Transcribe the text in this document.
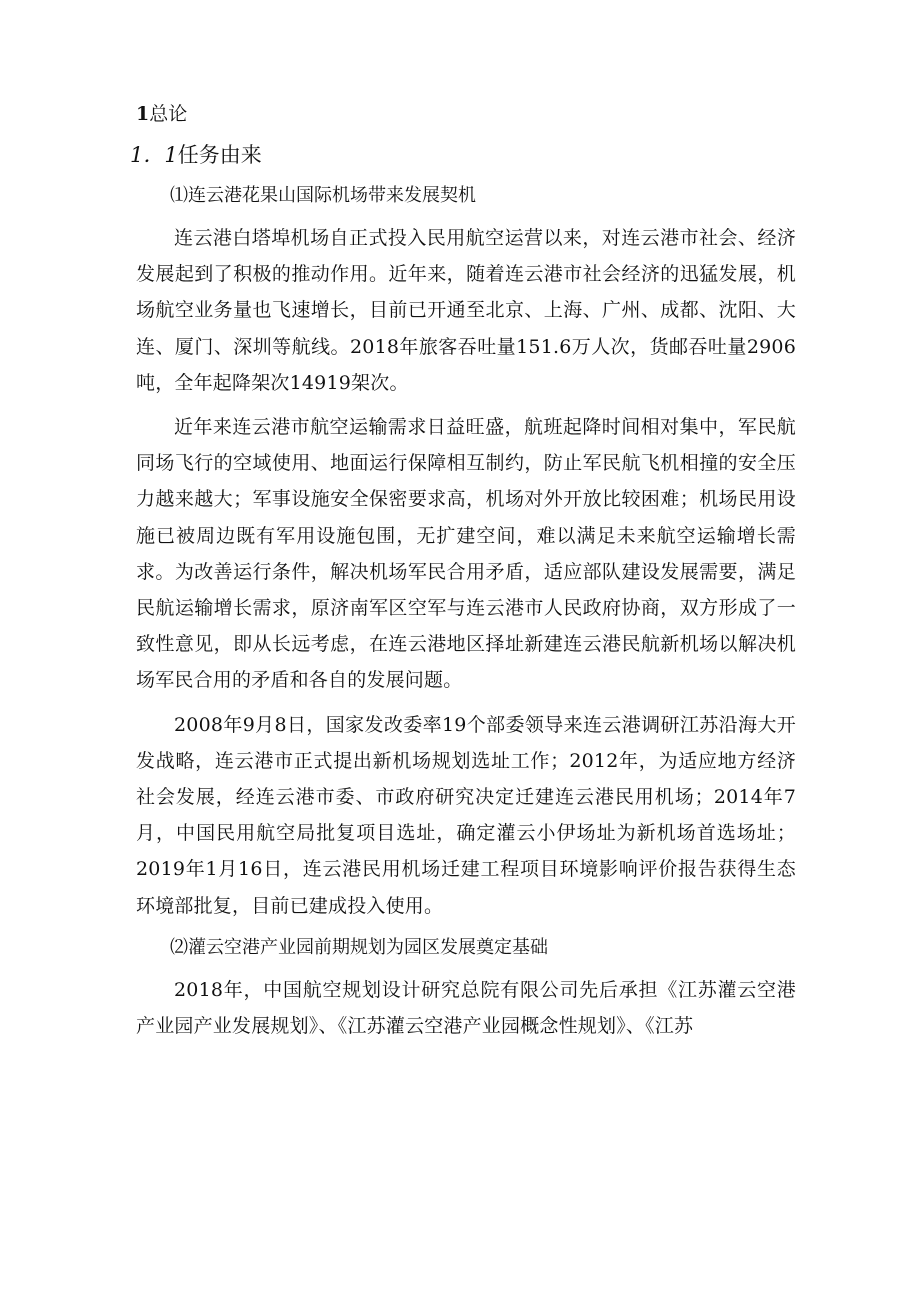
1总论
1．1任务由来
⑴连云港花果山国际机场带来发展契机

连云港白塔埠机场自正式投入民用航空运营以来，对连云港市社会、经济发展起到了积极的推动作用。近年来，随着连云港市社会经济的迅猛发展，机场航空业务量也飞速增长，目前已开通至北京、上海、广州、成都、沈阳、大连、厦门、深圳等航线。2018年旅客吞吐量151.6万人次，货邮吞吐量2906吨，全年起降架次14919架次。

近年来连云港市航空运输需求日益旺盛，航班起降时间相对集中，军民航同场飞行的空域使用、地面运行保障相互制约，防止军民航飞机相撞的安全压力越来越大；军事设施安全保密要求高，机场对外开放比较困难；机场民用设施已被周边既有军用设施包围，无扩建空间，难以满足未来航空运输增长需求。为改善运行条件，解决机场军民合用矛盾，适应部队建设发展需要，满足民航运输增长需求，原济南军区空军与连云港市人民政府协商，双方形成了一致性意见，即从长远考虑，在连云港地区择址新建连云港民航新机场以解决机场军民合用的矛盾和各自的发展问题。

2008年9月8日，国家发改委率19个部委领导来连云港调研江苏沿海大开发战略，连云港市正式提出新机场规划选址工作；2012年，为适应地方经济社会发展，经连云港市委、市政府研究决定迁建连云港民用机场；2014年7月，中国民用航空局批复项目选址，确定灌云小伊场址为新机场首选场址；2019年1月16日，连云港民用机场迁建工程项目环境影响评价报告获得生态环境部批复，目前已建成投入使用。

⑵灌云空港产业园前期规划为园区发展奠定基础

2018年，中国航空规划设计研究总院有限公司先后承担《江苏灌云空港产业园产业发展规划》、《江苏灌云空港产业园概念性规划》、《江苏
